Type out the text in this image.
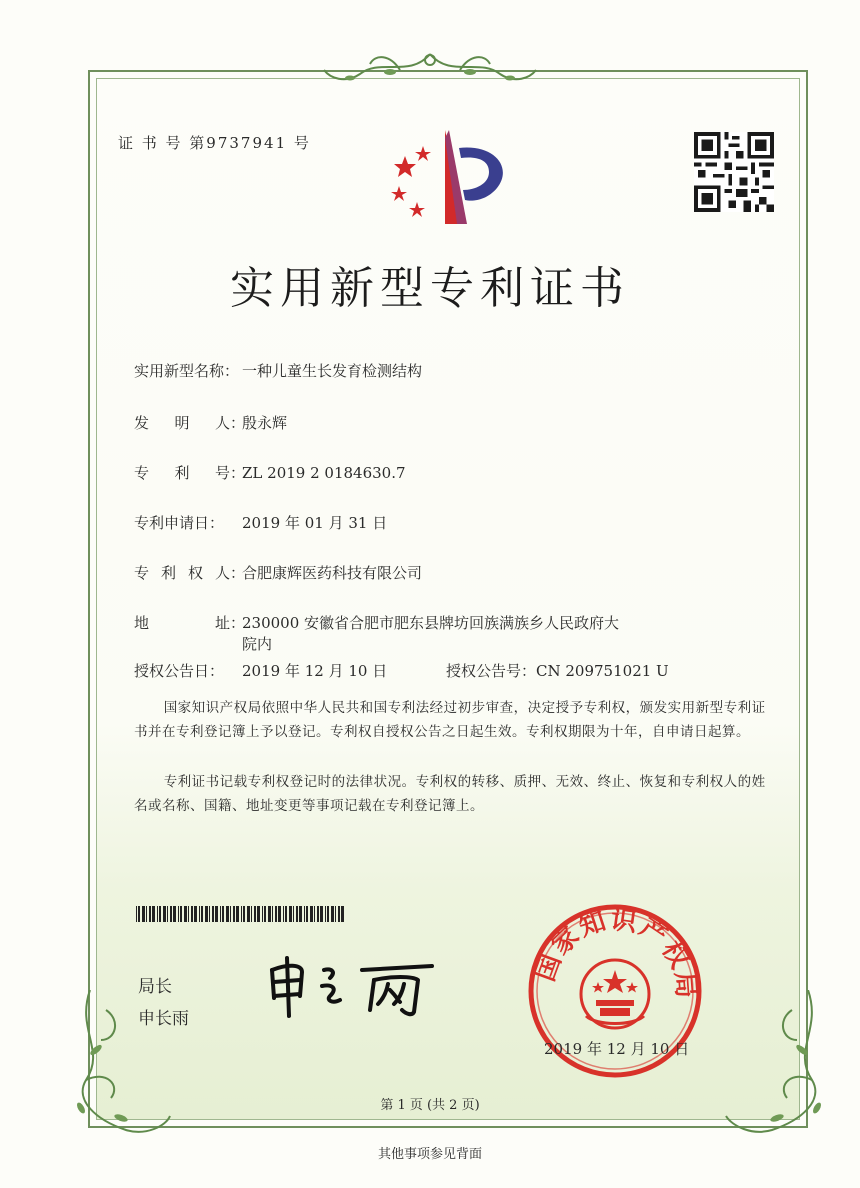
证 书 号 第9737941 号
实用新型专利证书
实用新型名称： 一种儿童生长发育检测结构
发 明 人 ：殷永辉
专 利 号 ：ZL 2019 2 0184630.7
专利申请日： 2019 年 01 月 31 日
专 利 权 人 ：合肥康辉医药科技有限公司
地	址 ：230000 安徽省合肥市肥东县牌坊回族满族乡人民政府大
院内
授权公告日： 2019 年 12 月 10 日	授权公告号：CN 209751021 U
国家知识产权局依照中华人民共和国专利法经过初步审查，决定授予专利权，颁发实用新型专利证书并在专利登记簿上予以登记。专利权自授权公告之日起生效。专利权期限为十年，自申请日起算。
专利证书记载专利权登记时的法律状况。专利权的转移、质押、无效、终止、恢复和专利权人的姓名或名称、国籍、地址变更等事项记载在专利登记簿上。
局长
申长雨
国家知识产权局
2019 年 12 月 10 日
第 1 页 (共 2 页)
其他事项参见背面
